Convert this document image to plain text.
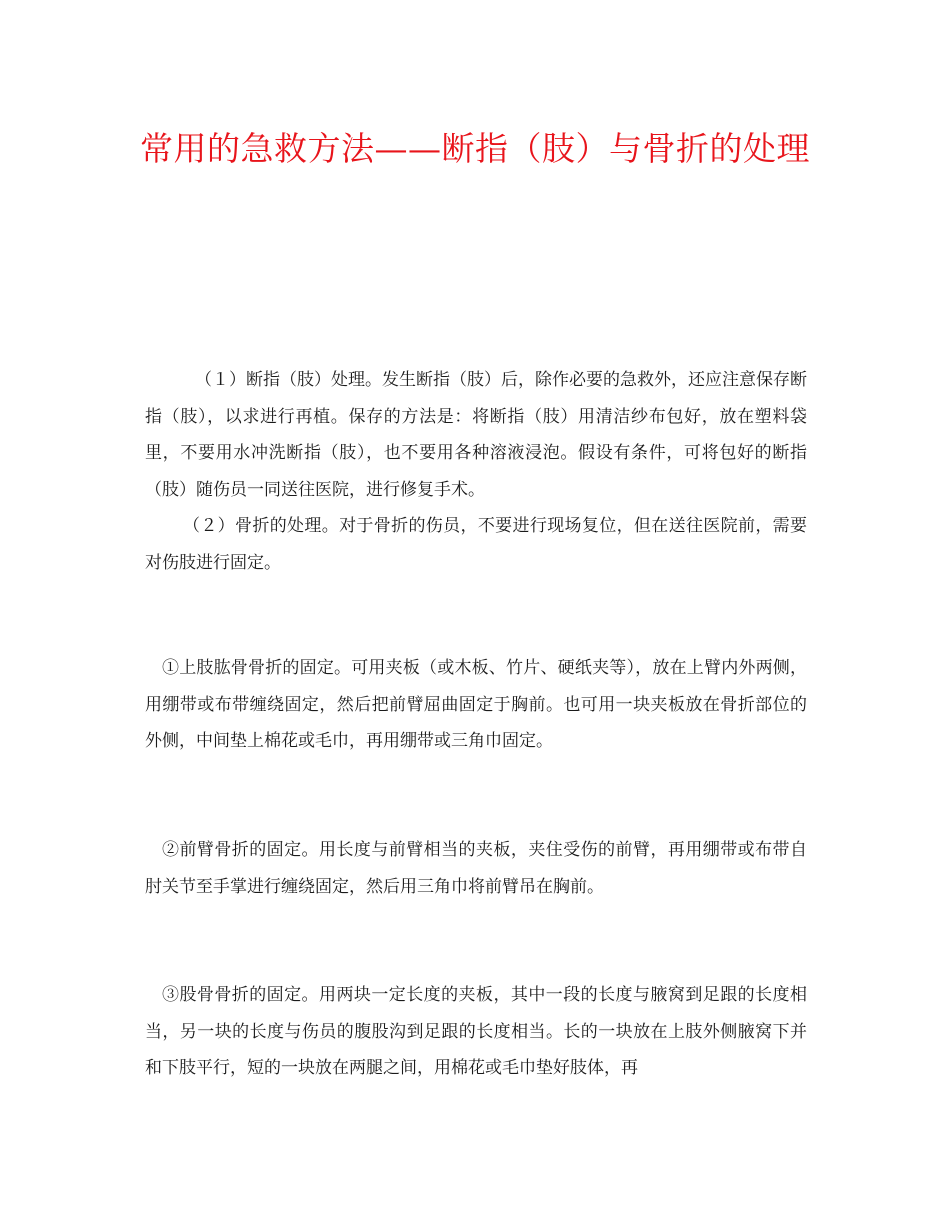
常用的急救方法——断指（肢）与骨折的处理

（１）断指（肢）处理。发生断指（肢）后，除作必要的急救外，还应注意保存断指（肢），以求进行再植。保存的方法是：将断指（肢）用清洁纱布包好，放在塑料袋里，不要用水冲洗断指（肢），也不要用各种溶液浸泡。假设有条件，可将包好的断指（肢）随伤员一同送往医院，进行修复手术。

（２）骨折的处理。对于骨折的伤员，不要进行现场复位，但在送往医院前，需要对伤肢进行固定。

①上肢肱骨骨折的固定。可用夹板（或木板、竹片、硬纸夹等），放在上臂内外两侧，用绷带或布带缠绕固定，然后把前臂屈曲固定于胸前。也可用一块夹板放在骨折部位的外侧，中间垫上棉花或毛巾，再用绷带或三角巾固定。

②前臂骨折的固定。用长度与前臂相当的夹板，夹住受伤的前臂，再用绷带或布带自肘关节至手掌进行缠绕固定，然后用三角巾将前臂吊在胸前。

③股骨骨折的固定。用两块一定长度的夹板，其中一段的长度与腋窝到足跟的长度相当，另一块的长度与伤员的腹股沟到足跟的长度相当。长的一块放在上肢外侧腋窝下并和下肢平行，短的一块放在两腿之间，用棉花或毛巾垫好肢体，再
